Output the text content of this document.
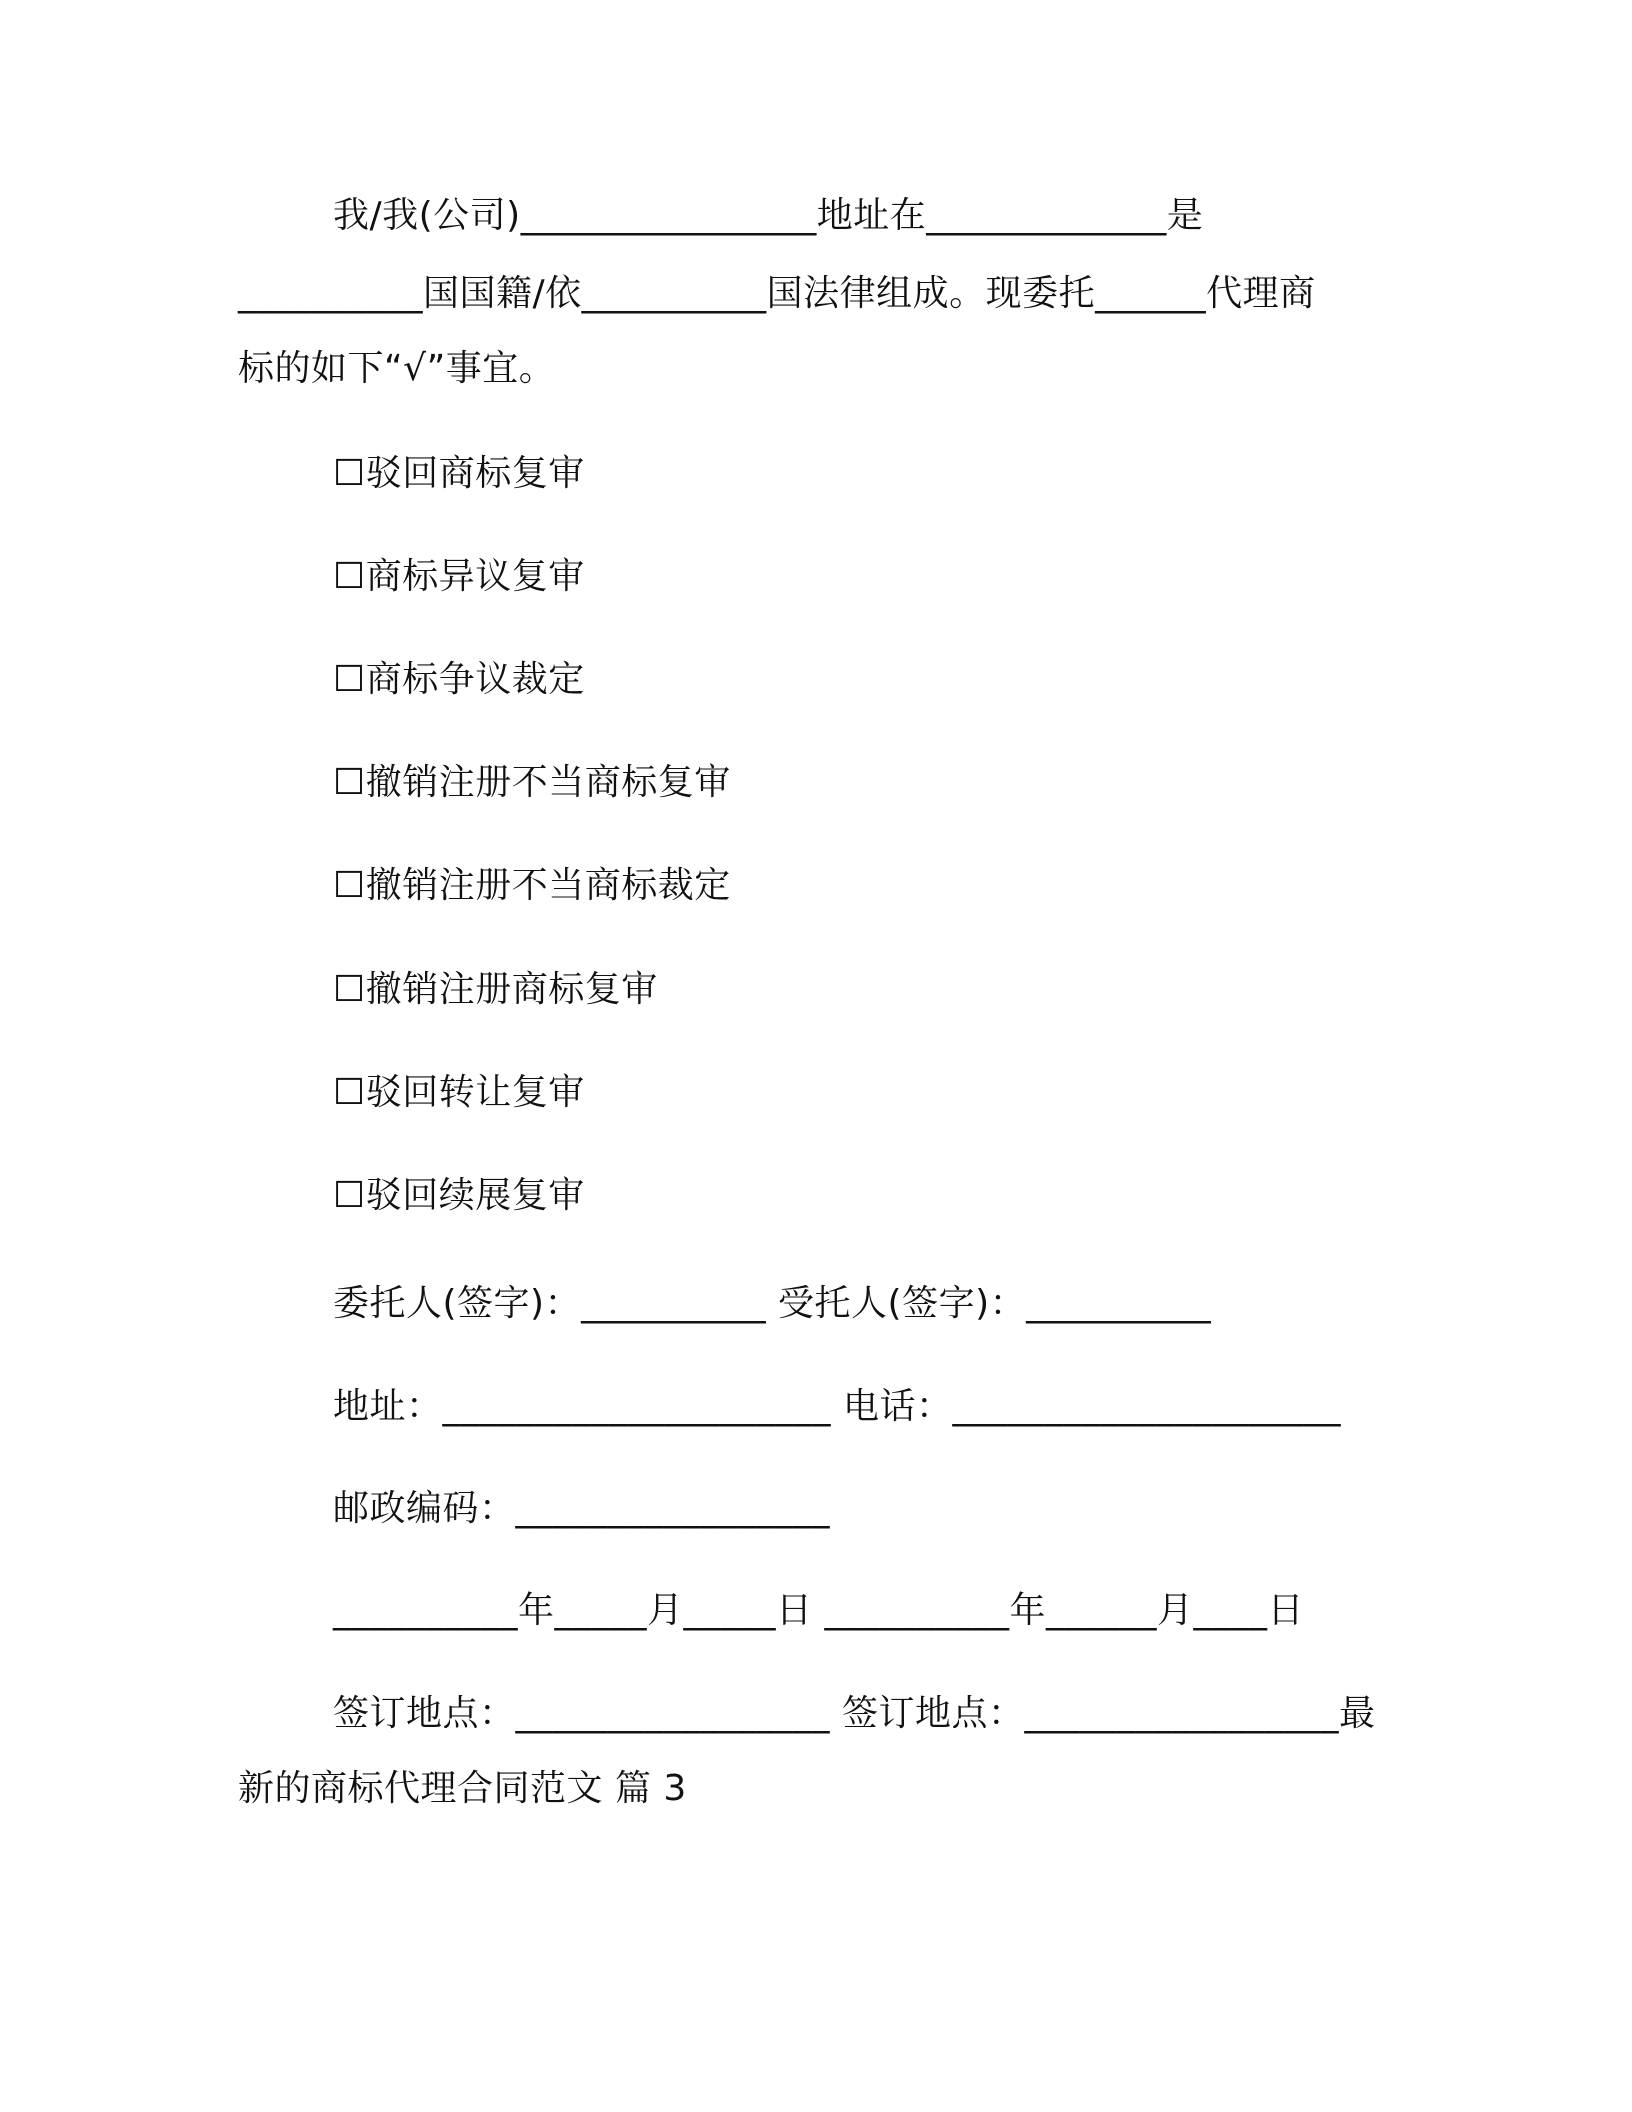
我/我(公司)________________地址在_____________是
__________国国籍/依__________国法律组成。现委托______代理商
标的如下“√”事宜。
☐驳回商标复审
☐商标异议复审
☐商标争议裁定
☐撤销注册不当商标复审
☐撤销注册不当商标裁定
☐撤销注册商标复审
☐驳回转让复审
☐驳回续展复审
委托人(签字)：__________ 受托人(签字)：__________
地址：_____________________ 电话：_____________________
邮政编码：_________________
__________年_____月_____日 __________年______月____日
签订地点：_________________ 签订地点：_________________最
新的商标代理合同范文 篇 3
